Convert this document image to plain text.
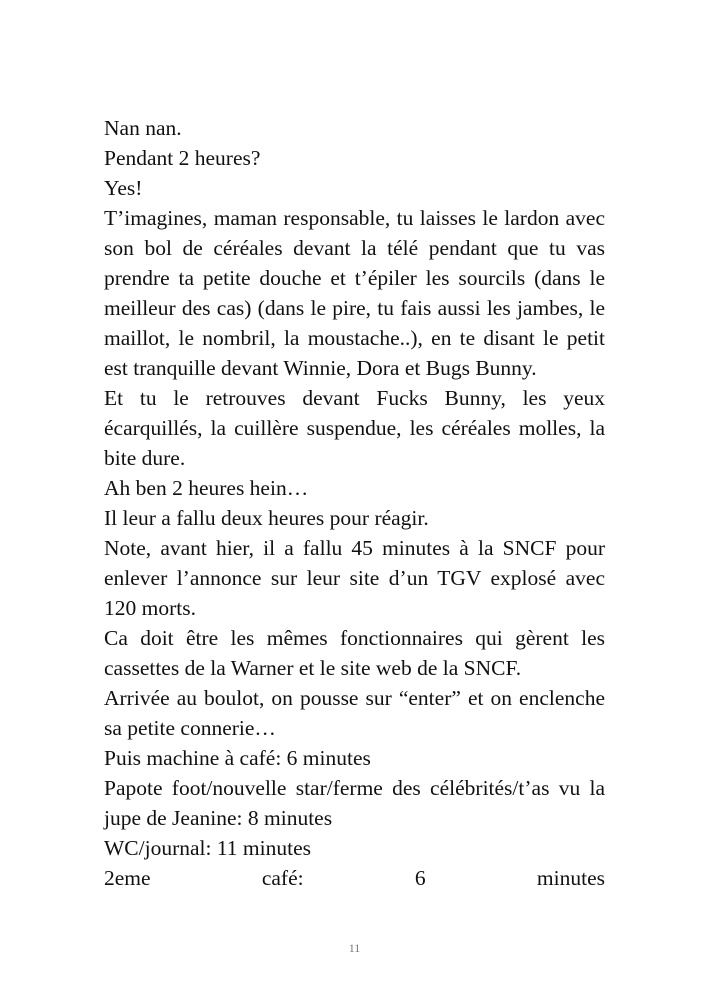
Nan nan.

Pendant 2 heures?

Yes!

T’imagines, maman responsable, tu laisses le lardon avec son bol de céréales devant la télé pendant que tu vas prendre ta petite douche et t’épiler les sourcils (dans le meilleur des cas) (dans le pire, tu fais aussi les jambes, le maillot, le nombril, la moustache..), en te disant le petit est tranquille devant Winnie, Dora et Bugs Bunny.

Et tu le retrouves devant Fucks Bunny, les yeux écarquillés, la cuillère suspendue, les céréales molles, la bite dure.

Ah ben 2 heures hein…

Il leur a fallu deux heures pour réagir.

Note, avant hier, il a fallu 45 minutes à la SNCF pour enlever l’annonce sur leur site d’un TGV explosé avec 120 morts.

Ca doit être les mêmes fonctionnaires qui gèrent les cassettes de la Warner et le site web de la SNCF.

Arrivée au boulot, on pousse sur “enter” et on enclenche sa petite connerie…

Puis machine à café: 6 minutes

Papote foot/nouvelle star/ferme des célébrités/t’as vu la jupe de Jeanine: 8 minutes

WC/journal: 11 minutes

2eme café: 6 minutes

11
